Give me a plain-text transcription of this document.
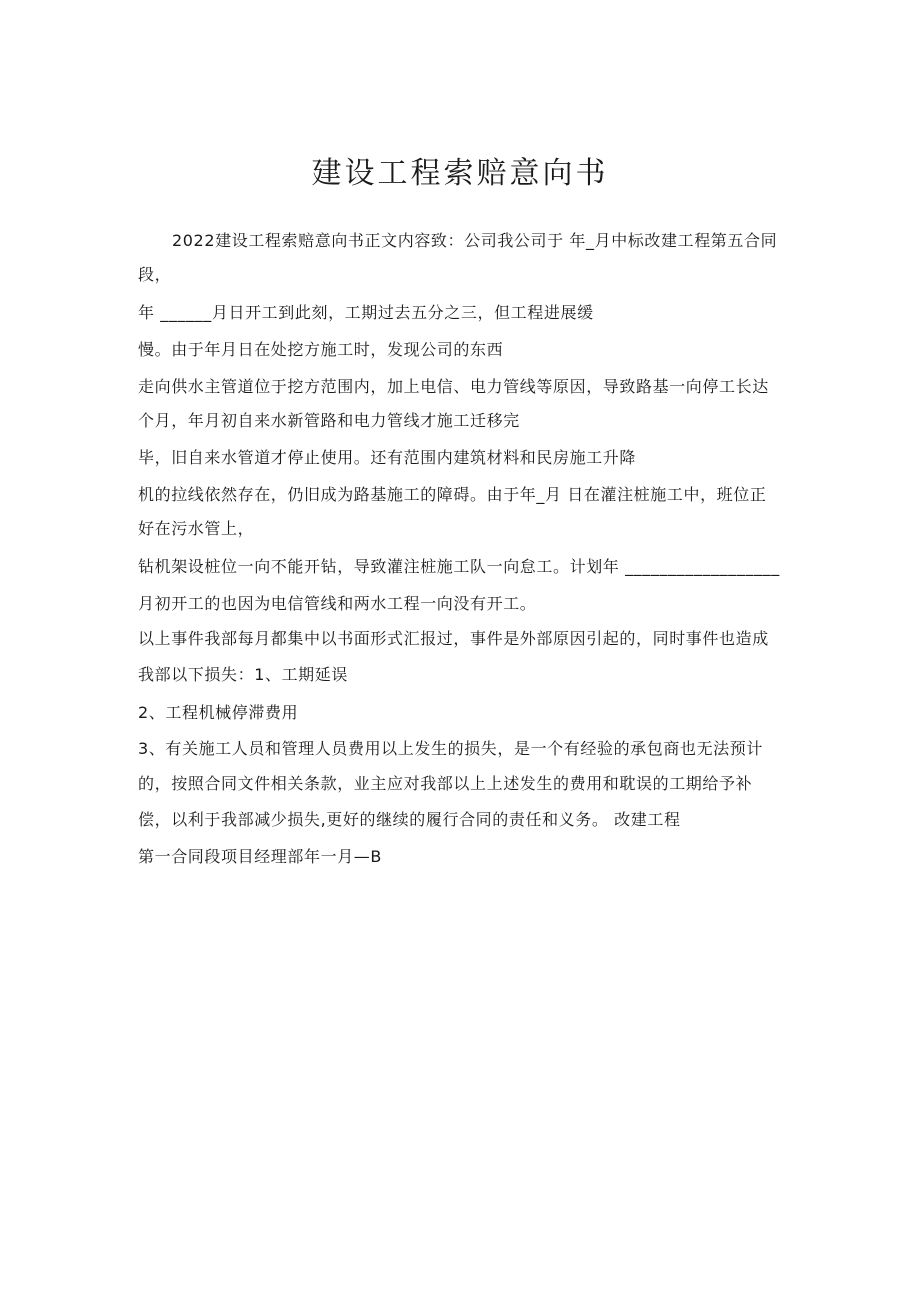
建设工程索赔意向书
2022建设工程索赔意向书正文内容致：公司我公司于 年_月中标改建工程第五合同
段，
年 ______月日开工到此刻，工期过去五分之三，但工程进展缓
慢。由于年月日在处挖方施工时，发现公司的东西
走向供水主管道位于挖方范围内，加上电信、电力管线等原因，导致路基一向停工长达
个月，年月初自来水新管路和电力管线才施工迁移完
毕，旧自来水管道才停止使用。还有范围内建筑材料和民房施工升降
机的拉线依然存在，仍旧成为路基施工的障碍。由于年_月 日在灌注桩施工中，班位正
好在污水管上，
钻机架设桩位一向不能开钻，导致灌注桩施工队一向怠工。计划年 __________________
月初开工的也因为电信管线和两水工程一向没有开工。
以上事件我部每月都集中以书面形式汇报过，事件是外部原因引起的，同时事件也造成
我部以下损失：1、工期延误
2、工程机械停滞费用
3、有关施工人员和管理人员费用以上发生的损失，是一个有经验的承包商也无法预计
的，按照合同文件相关条款，业主应对我部以上上述发生的费用和耽误的工期给予补
偿，以利于我部减少损失,更好的继续的履行合同的责任和义务。 改建工程
第一合同段项目经理部年一月—B
